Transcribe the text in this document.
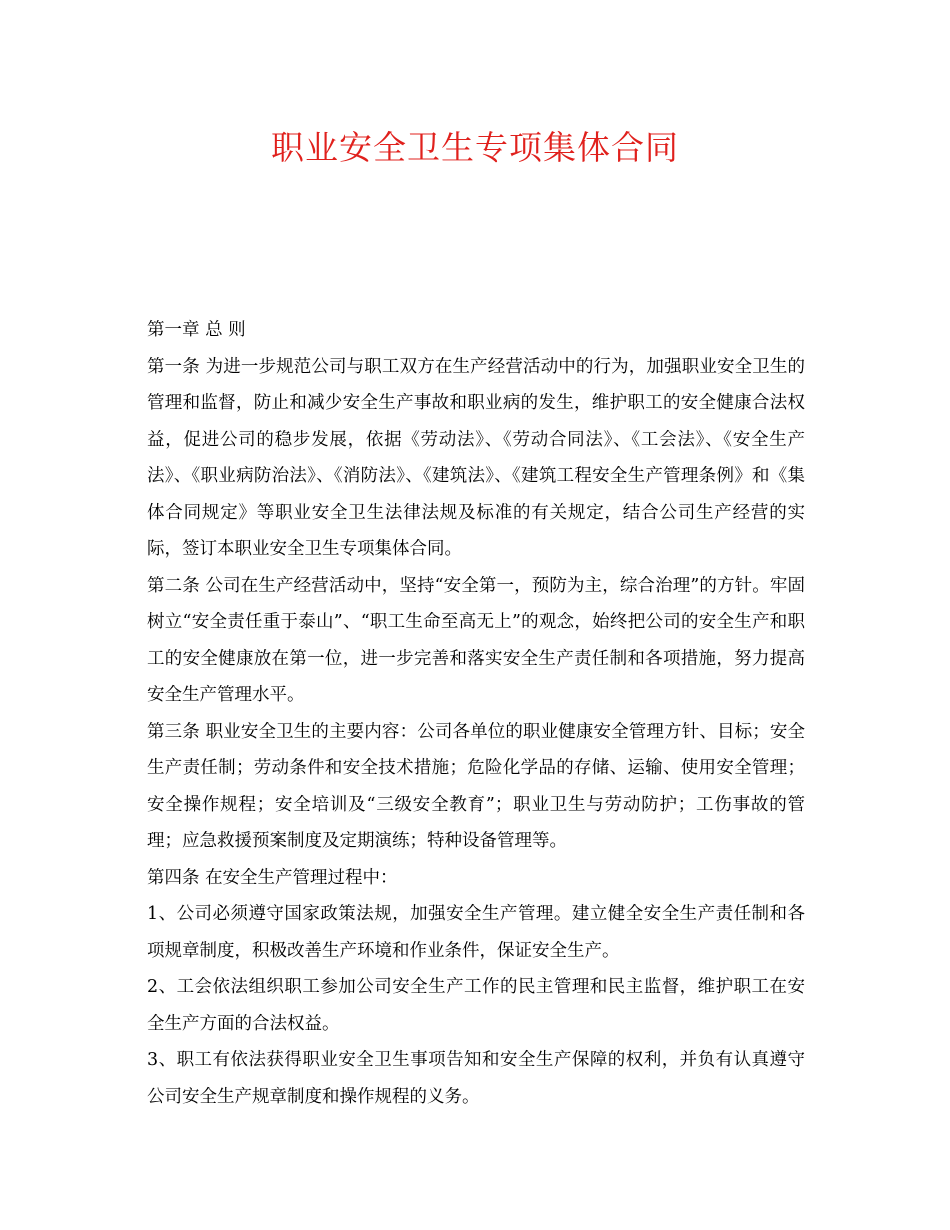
职业安全卫生专项集体合同

第一章 总 则

第一条 为进一步规范公司与职工双方在生产经营活动中的行为，加强职业安全卫生的管理和监督，防止和减少安全生产事故和职业病的发生，维护职工的安全健康合法权益，促进公司的稳步发展，依据《劳动法》、《劳动合同法》、《工会法》、《安全生产法》、《职业病防治法》、《消防法》、《建筑法》、《建筑工程安全生产管理条例》和《集体合同规定》等职业安全卫生法律法规及标准的有关规定，结合公司生产经营的实际，签订本职业安全卫生专项集体合同。

第二条 公司在生产经营活动中，坚持“安全第一，预防为主，综合治理”的方针。牢固树立“安全责任重于泰山”、“职工生命至高无上”的观念，始终把公司的安全生产和职工的安全健康放在第一位，进一步完善和落实安全生产责任制和各项措施，努力提高安全生产管理水平。

第三条 职业安全卫生的主要内容：公司各单位的职业健康安全管理方针、目标；安全生产责任制；劳动条件和安全技术措施；危险化学品的存储、运输、使用安全管理；安全操作规程；安全培训及“三级安全教育”；职业卫生与劳动防护；工伤事故的管理；应急救援预案制度及定期演练；特种设备管理等。

第四条 在安全生产管理过程中：

1、公司必须遵守国家政策法规，加强安全生产管理。建立健全安全生产责任制和各项规章制度，积极改善生产环境和作业条件，保证安全生产。

2、工会依法组织职工参加公司安全生产工作的民主管理和民主监督，维护职工在安全生产方面的合法权益。

3、职工有依法获得职业安全卫生事项告知和安全生产保障的权利，并负有认真遵守公司安全生产规章制度和操作规程的义务。
